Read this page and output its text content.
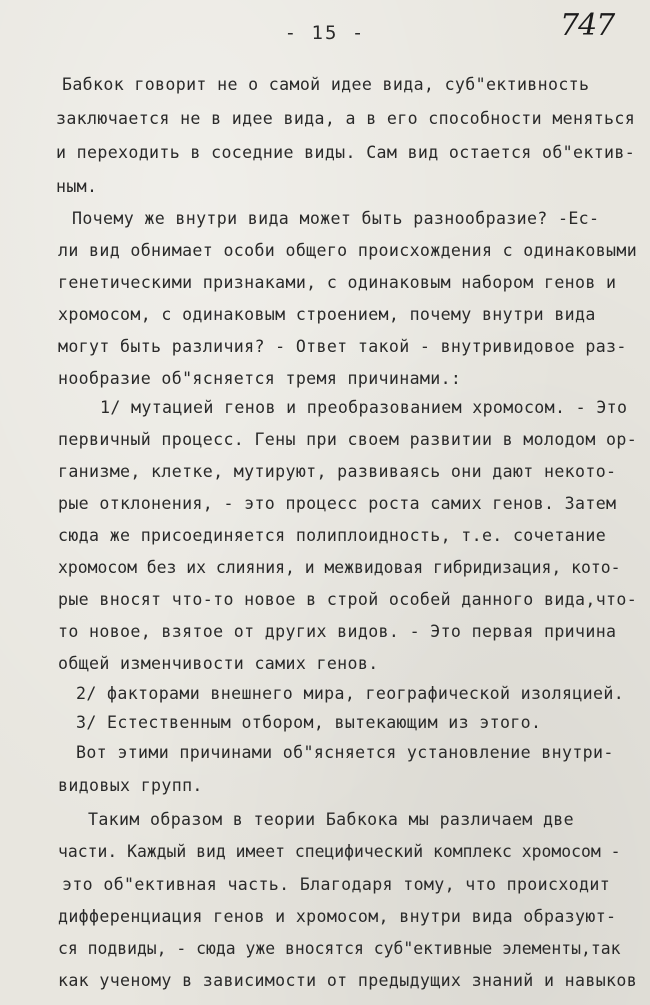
- 15 -	747
Бабкок говорит не о самой идее вида, суб"ективность
заключается не в идее вида, а в его способности меняться
и переходить в соседние виды. Сам вид остается об"ектив-
ным.
Почему же внутри вида может быть разнообразие? -Ес-
ли вид обнимает особи общего происхождения с одинаковыми
генетическими признаками, с одинаковым набором генов и
хромосом, с одинаковым строением, почему внутри вида
могут быть различия? - Ответ такой - внутривидовое раз-
нообразие об"ясняется тремя причинами.:
1/ мутацией генов и преобразованием хромосом. - Это
первичный процесс. Гены при своем развитии в молодом ор-
ганизме, клетке, мутируют, развиваясь они дают некото-
рые отклонения, - это процесс роста самих генов. Затем
сюда же присоединяется полиплоидность, т.е. сочетание
хромосом без их слияния, и межвидовая гибридизация, кото-
рые вносят что-то новое в строй особей данного вида,что-
то новое, взятое от других видов. - Это первая причина
общей изменчивости самих генов.
2/ факторами внешнего мира, географической изоляцией.
3/ Естественным отбором, вытекающим из этого.
Вот этими причинами об"ясняется установление внутри-
видовых групп.
Таким образом в теории Бабкока мы различаем две
части. Каждый вид имеет специфический комплекс хромосом -
это об"ективная часть. Благодаря тому, что происходит
дифференциация генов и хромосом, внутри вида образуют-
ся подвиды, - сюда уже вносятся суб"ективные элементы,так
как ученому в зависимости от предыдущих знаний и навыков
